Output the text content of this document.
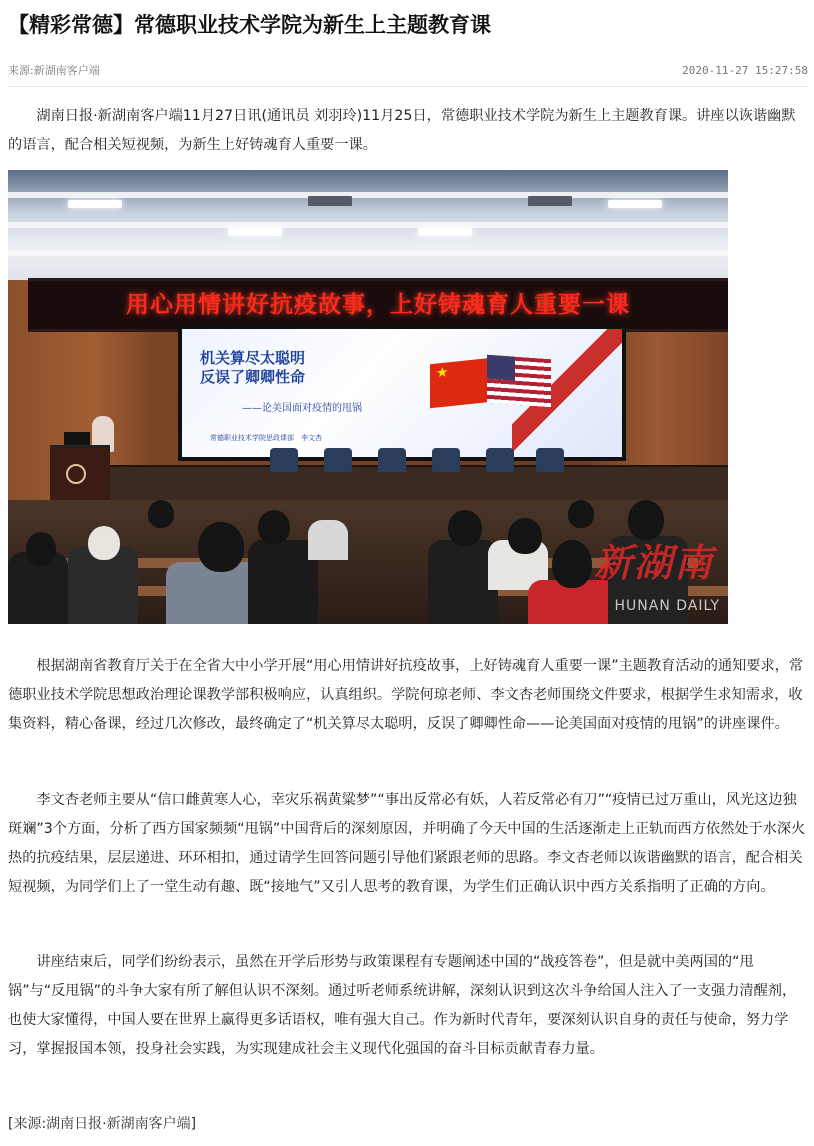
【精彩常德】常德职业技术学院为新生上主题教育课
来源:新湖南客户端	2020-11-27 15:27:58

湖南日报·新湖南客户端11月27日讯(通讯员 刘羽玲)11月25日，常德职业技术学院为新生上主题教育课。讲座以诙谐幽默的语言，配合相关短视频，为新生上好铸魂育人重要一课。

用心用情讲好抗疫故事，上好铸魂育人重要一课
机关算尽太聪明
反误了卿卿性命
——论美国面对疫情的甩锅
常德职业技术学院思政课部　李文杏
★
新湖南
HUNAN DAILY

根据湖南省教育厅关于在全省大中小学开展“用心用情讲好抗疫故事，上好铸魂育人重要一课”主题教育活动的通知要求，常德职业技术学院思想政治理论课教学部积极响应，认真组织。学院何琼老师、李文杏老师围绕文件要求，根据学生求知需求，收集资料，精心备课，经过几次修改，最终确定了“机关算尽太聪明，反误了卿卿性命——论美国面对疫情的甩锅”的讲座课件。

李文杏老师主要从“信口雌黄寒人心，幸灾乐祸黄粱梦”“事出反常必有妖，人若反常必有刀”“疫情已过万重山，风光这边独斑斓”3个方面，分析了西方国家频频“甩锅”中国背后的深刻原因，并明确了今天中国的生活逐渐走上正轨而西方依然处于水深火热的抗疫结果，层层递进、环环相扣，通过请学生回答问题引导他们紧跟老师的思路。李文杏老师以诙谐幽默的语言，配合相关短视频，为同学们上了一堂生动有趣、既“接地气”又引人思考的教育课，为学生们正确认识中西方关系指明了正确的方向。

讲座结束后，同学们纷纷表示，虽然在开学后形势与政策课程有专题阐述中国的“战疫答卷”，但是就中美两国的“甩锅”与“反甩锅”的斗争大家有所了解但认识不深刻。通过听老师系统讲解，深刻认识到这次斗争给国人注入了一支强力清醒剂，也使大家懂得，中国人要在世界上赢得更多话语权，唯有强大自己。作为新时代青年，要深刻认识自身的责任与使命，努力学习，掌握报国本领，投身社会实践，为实现建成社会主义现代化强国的奋斗目标贡献青春力量。

[来源:湖南日报·新湖南客户端]
